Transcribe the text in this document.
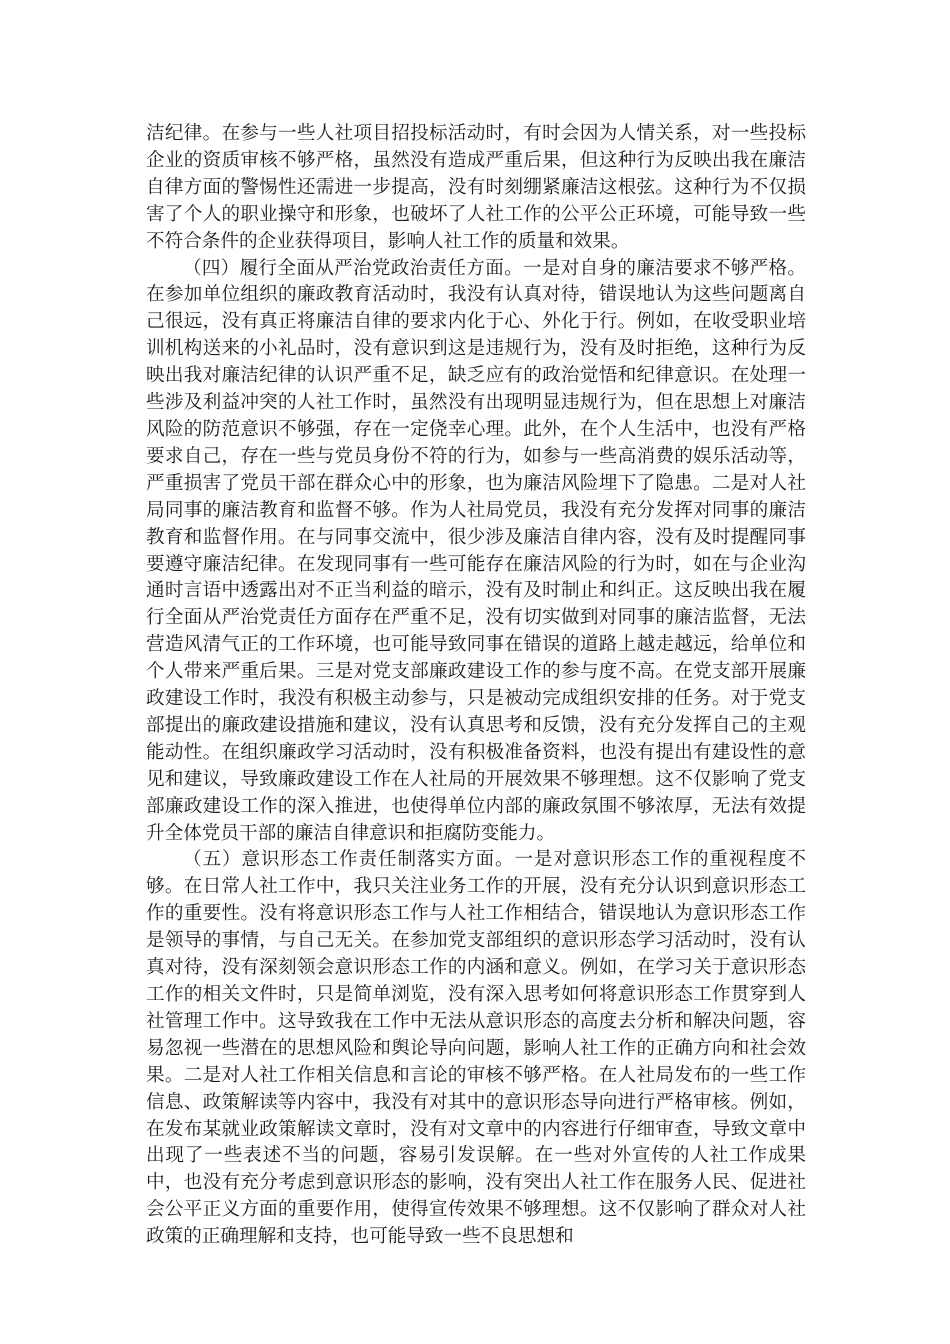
洁纪律。在参与一些人社项目招投标活动时，有时会因为人情关系，对一些投标企业的资质审核不够严格，虽然没有造成严重后果，但这种行为反映出我在廉洁自律方面的警惕性还需进一步提高，没有时刻绷紧廉洁这根弦。这种行为不仅损害了个人的职业操守和形象，也破坏了人社工作的公平公正环境，可能导致一些不符合条件的企业获得项目，影响人社工作的质量和效果。

（四）履行全面从严治党政治责任方面。一是对自身的廉洁要求不够严格。在参加单位组织的廉政教育活动时，我没有认真对待，错误地认为这些问题离自己很远，没有真正将廉洁自律的要求内化于心、外化于行。例如，在收受职业培训机构送来的小礼品时，没有意识到这是违规行为，没有及时拒绝，这种行为反映出我对廉洁纪律的认识严重不足，缺乏应有的政治觉悟和纪律意识。在处理一些涉及利益冲突的人社工作时，虽然没有出现明显违规行为，但在思想上对廉洁风险的防范意识不够强，存在一定侥幸心理。此外，在个人生活中，也没有严格要求自己，存在一些与党员身份不符的行为，如参与一些高消费的娱乐活动等，严重损害了党员干部在群众心中的形象，也为廉洁风险埋下了隐患。二是对人社局同事的廉洁教育和监督不够。作为人社局党员，我没有充分发挥对同事的廉洁教育和监督作用。在与同事交流中，很少涉及廉洁自律内容，没有及时提醒同事要遵守廉洁纪律。在发现同事有一些可能存在廉洁风险的行为时，如在与企业沟通时言语中透露出对不正当利益的暗示，没有及时制止和纠正。这反映出我在履行全面从严治党责任方面存在严重不足，没有切实做到对同事的廉洁监督，无法营造风清气正的工作环境，也可能导致同事在错误的道路上越走越远，给单位和个人带来严重后果。三是对党支部廉政建设工作的参与度不高。在党支部开展廉政建设工作时，我没有积极主动参与，只是被动完成组织安排的任务。对于党支部提出的廉政建设措施和建议，没有认真思考和反馈，没有充分发挥自己的主观能动性。在组织廉政学习活动时，没有积极准备资料，也没有提出有建设性的意见和建议，导致廉政建设工作在人社局的开展效果不够理想。这不仅影响了党支部廉政建设工作的深入推进，也使得单位内部的廉政氛围不够浓厚，无法有效提升全体党员干部的廉洁自律意识和拒腐防变能力。

（五）意识形态工作责任制落实方面。一是对意识形态工作的重视程度不够。在日常人社工作中，我只关注业务工作的开展，没有充分认识到意识形态工作的重要性。没有将意识形态工作与人社工作相结合，错误地认为意识形态工作是领导的事情，与自己无关。在参加党支部组织的意识形态学习活动时，没有认真对待，没有深刻领会意识形态工作的内涵和意义。例如，在学习关于意识形态工作的相关文件时，只是简单浏览，没有深入思考如何将意识形态工作贯穿到人社管理工作中。这导致我在工作中无法从意识形态的高度去分析和解决问题，容易忽视一些潜在的思想风险和舆论导向问题，影响人社工作的正确方向和社会效果。二是对人社工作相关信息和言论的审核不够严格。在人社局发布的一些工作信息、政策解读等内容中，我没有对其中的意识形态导向进行严格审核。例如，在发布某就业政策解读文章时，没有对文章中的内容进行仔细审查，导致文章中出现了一些表述不当的问题，容易引发误解。在一些对外宣传的人社工作成果中，也没有充分考虑到意识形态的影响，没有突出人社工作在服务人民、促进社会公平正义方面的重要作用，使得宣传效果不够理想。这不仅影响了群众对人社政策的正确理解和支持，也可能导致一些不良思想和
